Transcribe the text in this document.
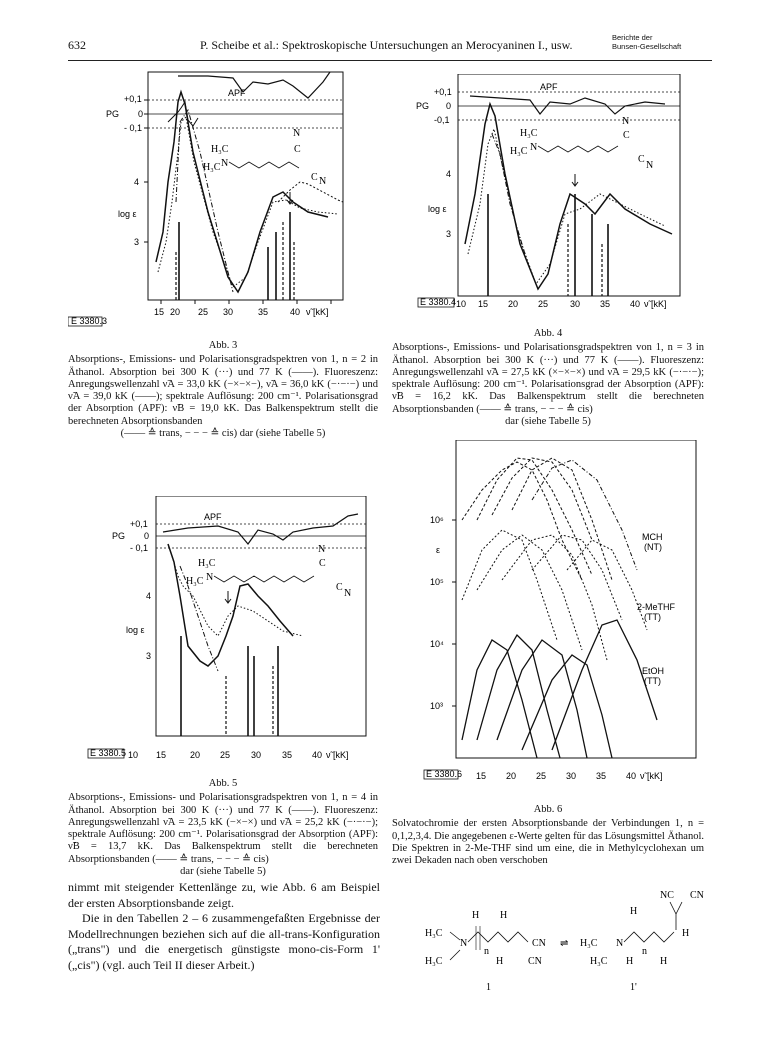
632	P. Scheibe et al.: Spektroskopische Untersuchungen an Merocyaninen I., usw.
Berichte der
Bunsen-Gesellschaft
APF
+0,1
PG 0
- 0,1
4
log ε
3
H₃C
H₃C N
N
C
C N
15 20 25 30	35 40 ν̃ [kK]
E 3380.3
Abb. 3
Absorptions-, Emissions- und Polarisationsgradspektren von 1, n = 2 in Äthanol. Absorption bei 300 K (···) und 77 K (——). Fluoreszenz: Anregungswellenzahl ν̃A = 33,0 kK (−×−×−), ν̃A = 36,0 kK (−·−·−) und ν̃A = 39,0 kK (——); spektrale Auflösung: 200 cm⁻¹. Polarisationsgrad der Absorption (APF): ν̃B = 19,0 kK. Das Balkenspektrum stellt die berechneten Absorptionsbanden
(—— ≙ trans, − − − ≙ cis) dar (siehe Tabelle 5)
APF
+0,1
PG 0
-0,1
4
log ε
3
H₃C
H₃C N
N
C
C
N
E 3380.4 10 15 20 25 30 35 40 ν̃ [kK]
Abb. 4
Absorptions-, Emissions- und Polarisationsgradspektren von 1, n = 3 in Äthanol. Absorption bei 300 K (···) und 77 K (——). Fluoreszenz: Anregungswellenzahl ν̃A = 27,5 kK (×−×−×) und ν̃A = 29,5 kK (−·−·−); spektrale Auflösung: 200 cm⁻¹. Polarisationsgrad der Absorption (APF): ν̃B = 16,2 kK. Das Balkenspektrum stellt die berechneten Absorptionsbanden (—— ≙ trans, − − − ≙ cis)
dar (siehe Tabelle 5)
APF
+0,1
PG 0
- 0,1
4
log ε
3
H₃C
H₃C N
N
C
C
N
E 3380.5 10 15	20 25 30 35 40 ν̃ [kK]
Abb. 5
Absorptions-, Emissions- und Polarisationsgradspektren von 1, n = 4 in Äthanol. Absorption bei 300 K (···) und 77 K (——). Fluoreszenz: Anregungswellenzahl ν̃A = 23,5 kK (−×−×) und ν̃A = 25,2 kK (−·−·−); spektrale Auflösung: 200 cm⁻¹. Polarisationsgrad der Absorption (APF): ν̃B = 13,7 kK. Das Balkenspektrum stellt die berechneten Absorptionsbanden (—— ≙ trans, − − − ≙ cis)
dar (siehe Tabelle 5)
10⁶
ε
10⁵
10⁴
10³
MCH
(NT)
2-MeTHF
(TT)
EtOH
(TT)
E 3380.6 15 20 25 30 35 40 ν̃ [kK]
Abb. 6
Solvatochromie der ersten Absorptionsbande der Verbindungen 1, n = 0,1,2,3,4. Die angegebenen ε-Werte gelten für das Lösungsmittel Äthanol. Die Spektren in 2-Me-THF sind um eine, die in Methylcyclohexan um zwei Dekaden nach oben verschoben

nimmt mit steigender Kettenlänge zu, wie Abb. 6 am Beispiel der ersten Absorptionsbande zeigt.

Die in den Tabellen 2 – 6 zusammengefaßten Ergebnisse der Modellrechnungen beziehen sich auf die all-trans-Konfiguration („trans") und die energetisch günstigste mono-cis-Form 1' („cis") (vgl. auch Teil II dieser Arbeit.)

H₃C
H₃C
N
H H
H
n
CN
CN ⇌ H₃C
H₃C
N
H
n
H
NC CN
H
H
1	1'
